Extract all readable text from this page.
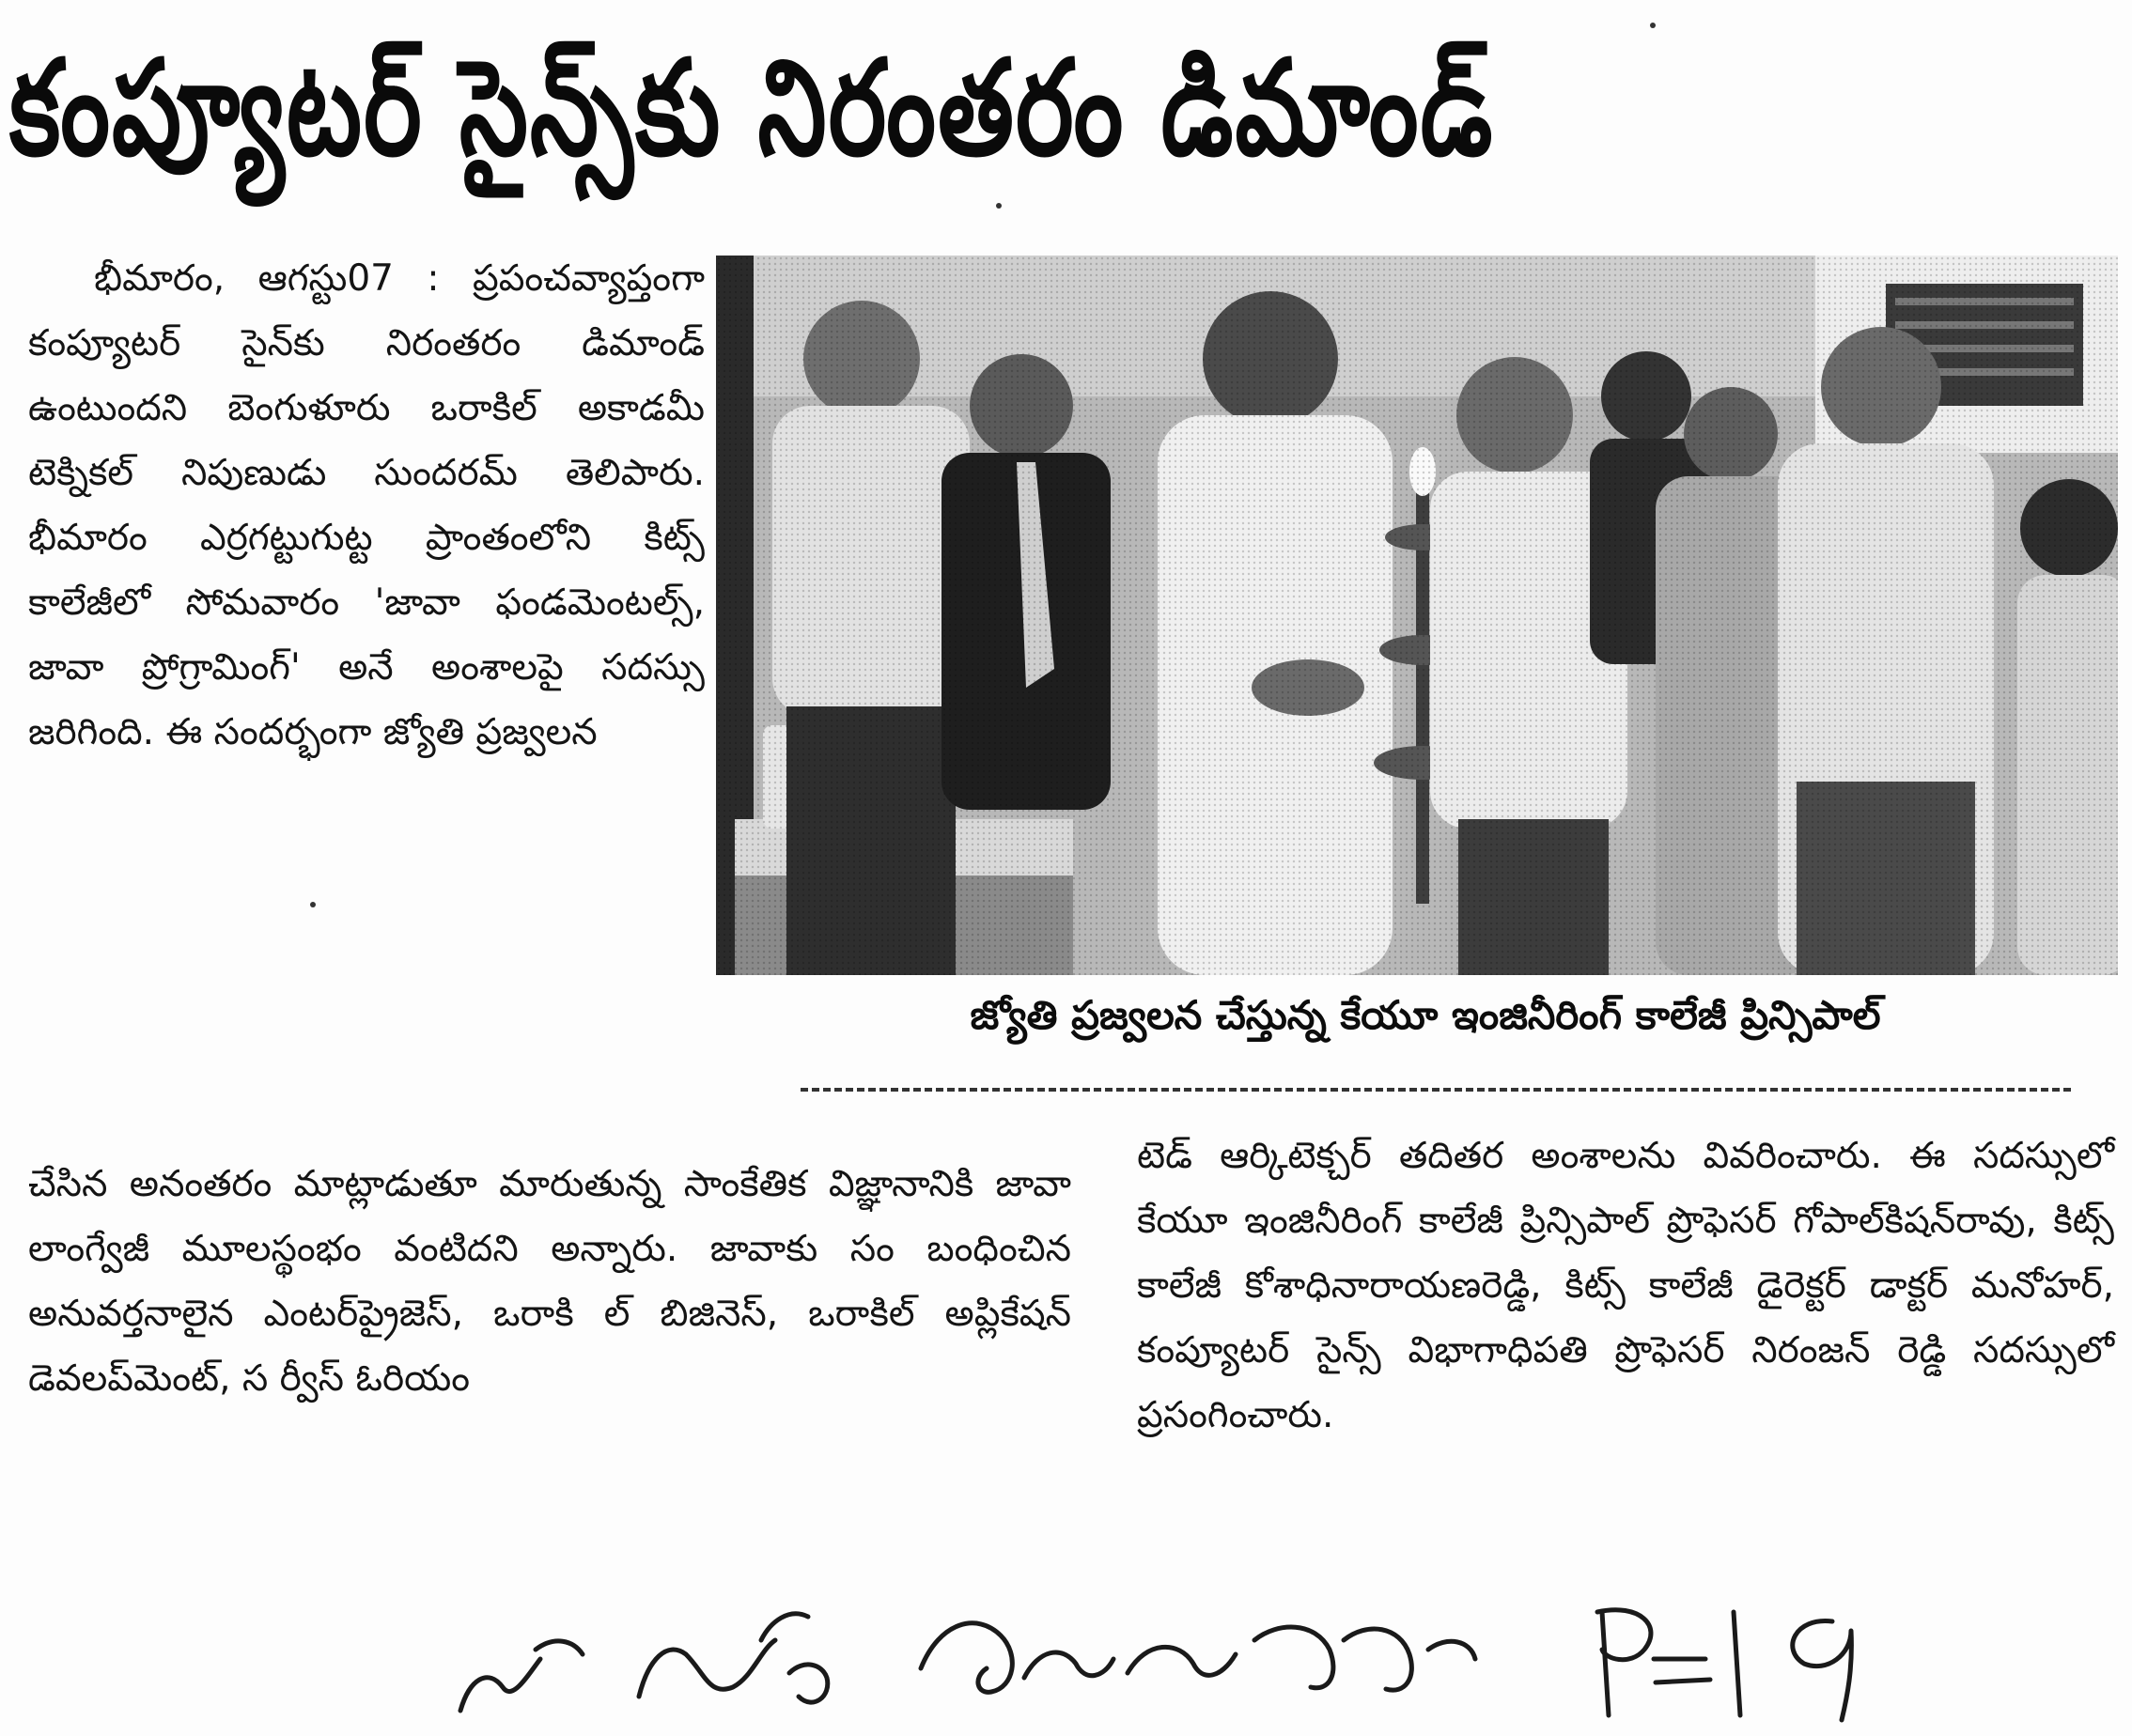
కంప్యూటర్ సైన్స్‌కు నిరంతరం డిమాండ్

భీమారం, ఆగస్టు07 : ప్రపంచవ్యాప్తంగా కంప్యూటర్ సైన్‌కు నిరంతరం డిమాండ్ ఉంటుందని బెంగుళూరు ఒరాకిల్ అకాడమీ టెక్నికల్ నిపుణుడు సుందరమ్ తెలిపారు. భీమారం ఎర్రగట్టుగుట్ట ప్రాంతంలోని కిట్స్ కాలేజీలో సోమవారం 'జావా ఫండమెంటల్స్, జావా ప్రోగ్రామింగ్' అనే అంశాలపై సదస్సు జరిగింది. ఈ సందర్భంగా జ్యోతి ప్రజ్వలన

జ్యోతి ప్రజ్వలన చేస్తున్న కేయూ ఇంజినీరింగ్ కాలేజీ ప్రిన్సిపాల్

చేసిన అనంతరం మాట్లాడుతూ మారుతున్న సాంకేతిక విజ్ఞానానికి జావా లాంగ్వేజీ మూలస్థంభం వంటిదని అన్నారు. జావాకు సం బంధించిన అనువర్తనాలైన ఎంటర్‌ప్రైజెస్, ఒరాకి ల్ బిజినెస్, ఒరాకిల్ అప్లికేషన్ డెవలప్‌మెంట్, స ర్వీస్ ఓరియం

టెడ్ ఆర్కిటెక్చర్ తదితర అంశాలను వివరించారు. ఈ సదస్సులో కేయూ ఇంజినీరింగ్ కాలేజీ ప్రిన్సిపాల్ ప్రొఫెసర్ గోపాల్‌కిషన్‌రావు, కిట్స్ కాలేజీ కోశాధినారాయణరెడ్డి, కిట్స్ కాలేజీ డైరెక్టర్ డాక్టర్ మనోహర్, కంప్యూటర్ సైన్స్ విభాగాధిపతి ప్రొఫెసర్ నిరంజన్ రెడ్డి సదస్సులో ప్రసంగించారు.
